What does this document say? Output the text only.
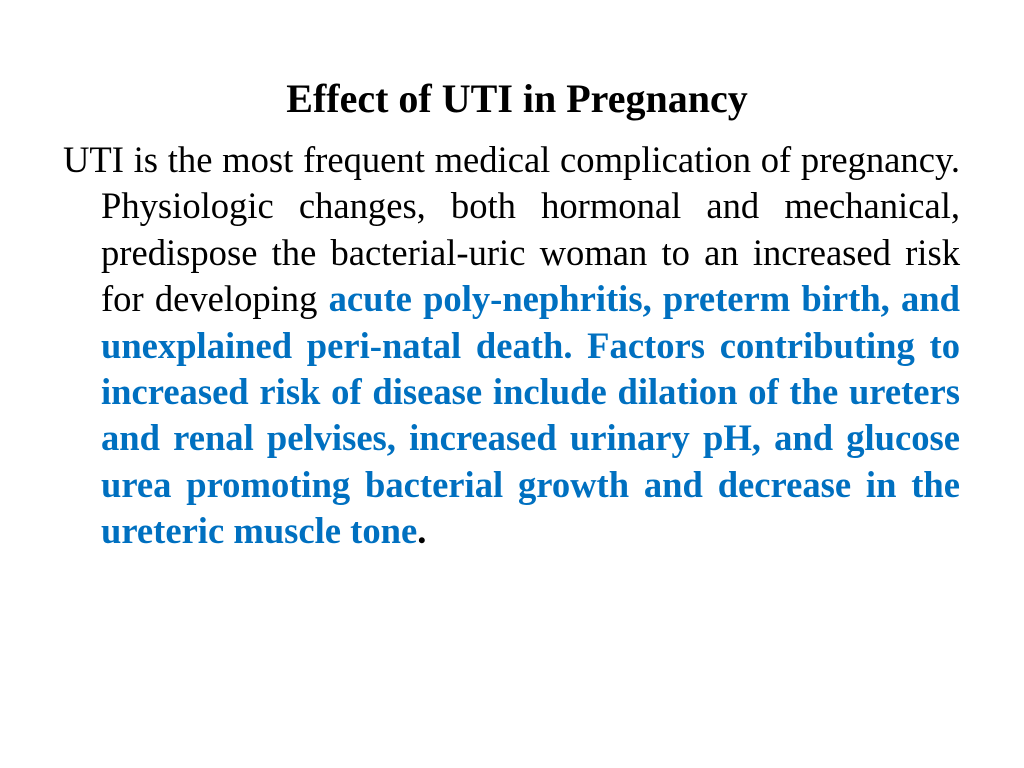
Effect of UTI in Pregnancy

UTI is the most frequent medical complication of pregnancy. Physiologic changes, both hormonal and mechanical, predispose the bacterial-uric woman to an increased risk for developing acute poly-nephritis, preterm birth, and unexplained peri-natal death. Factors contributing to increased risk of disease include dilation of the ureters and renal pelvises, increased urinary pH, and glucose urea promoting bacterial growth and decrease in the ureteric muscle tone.
